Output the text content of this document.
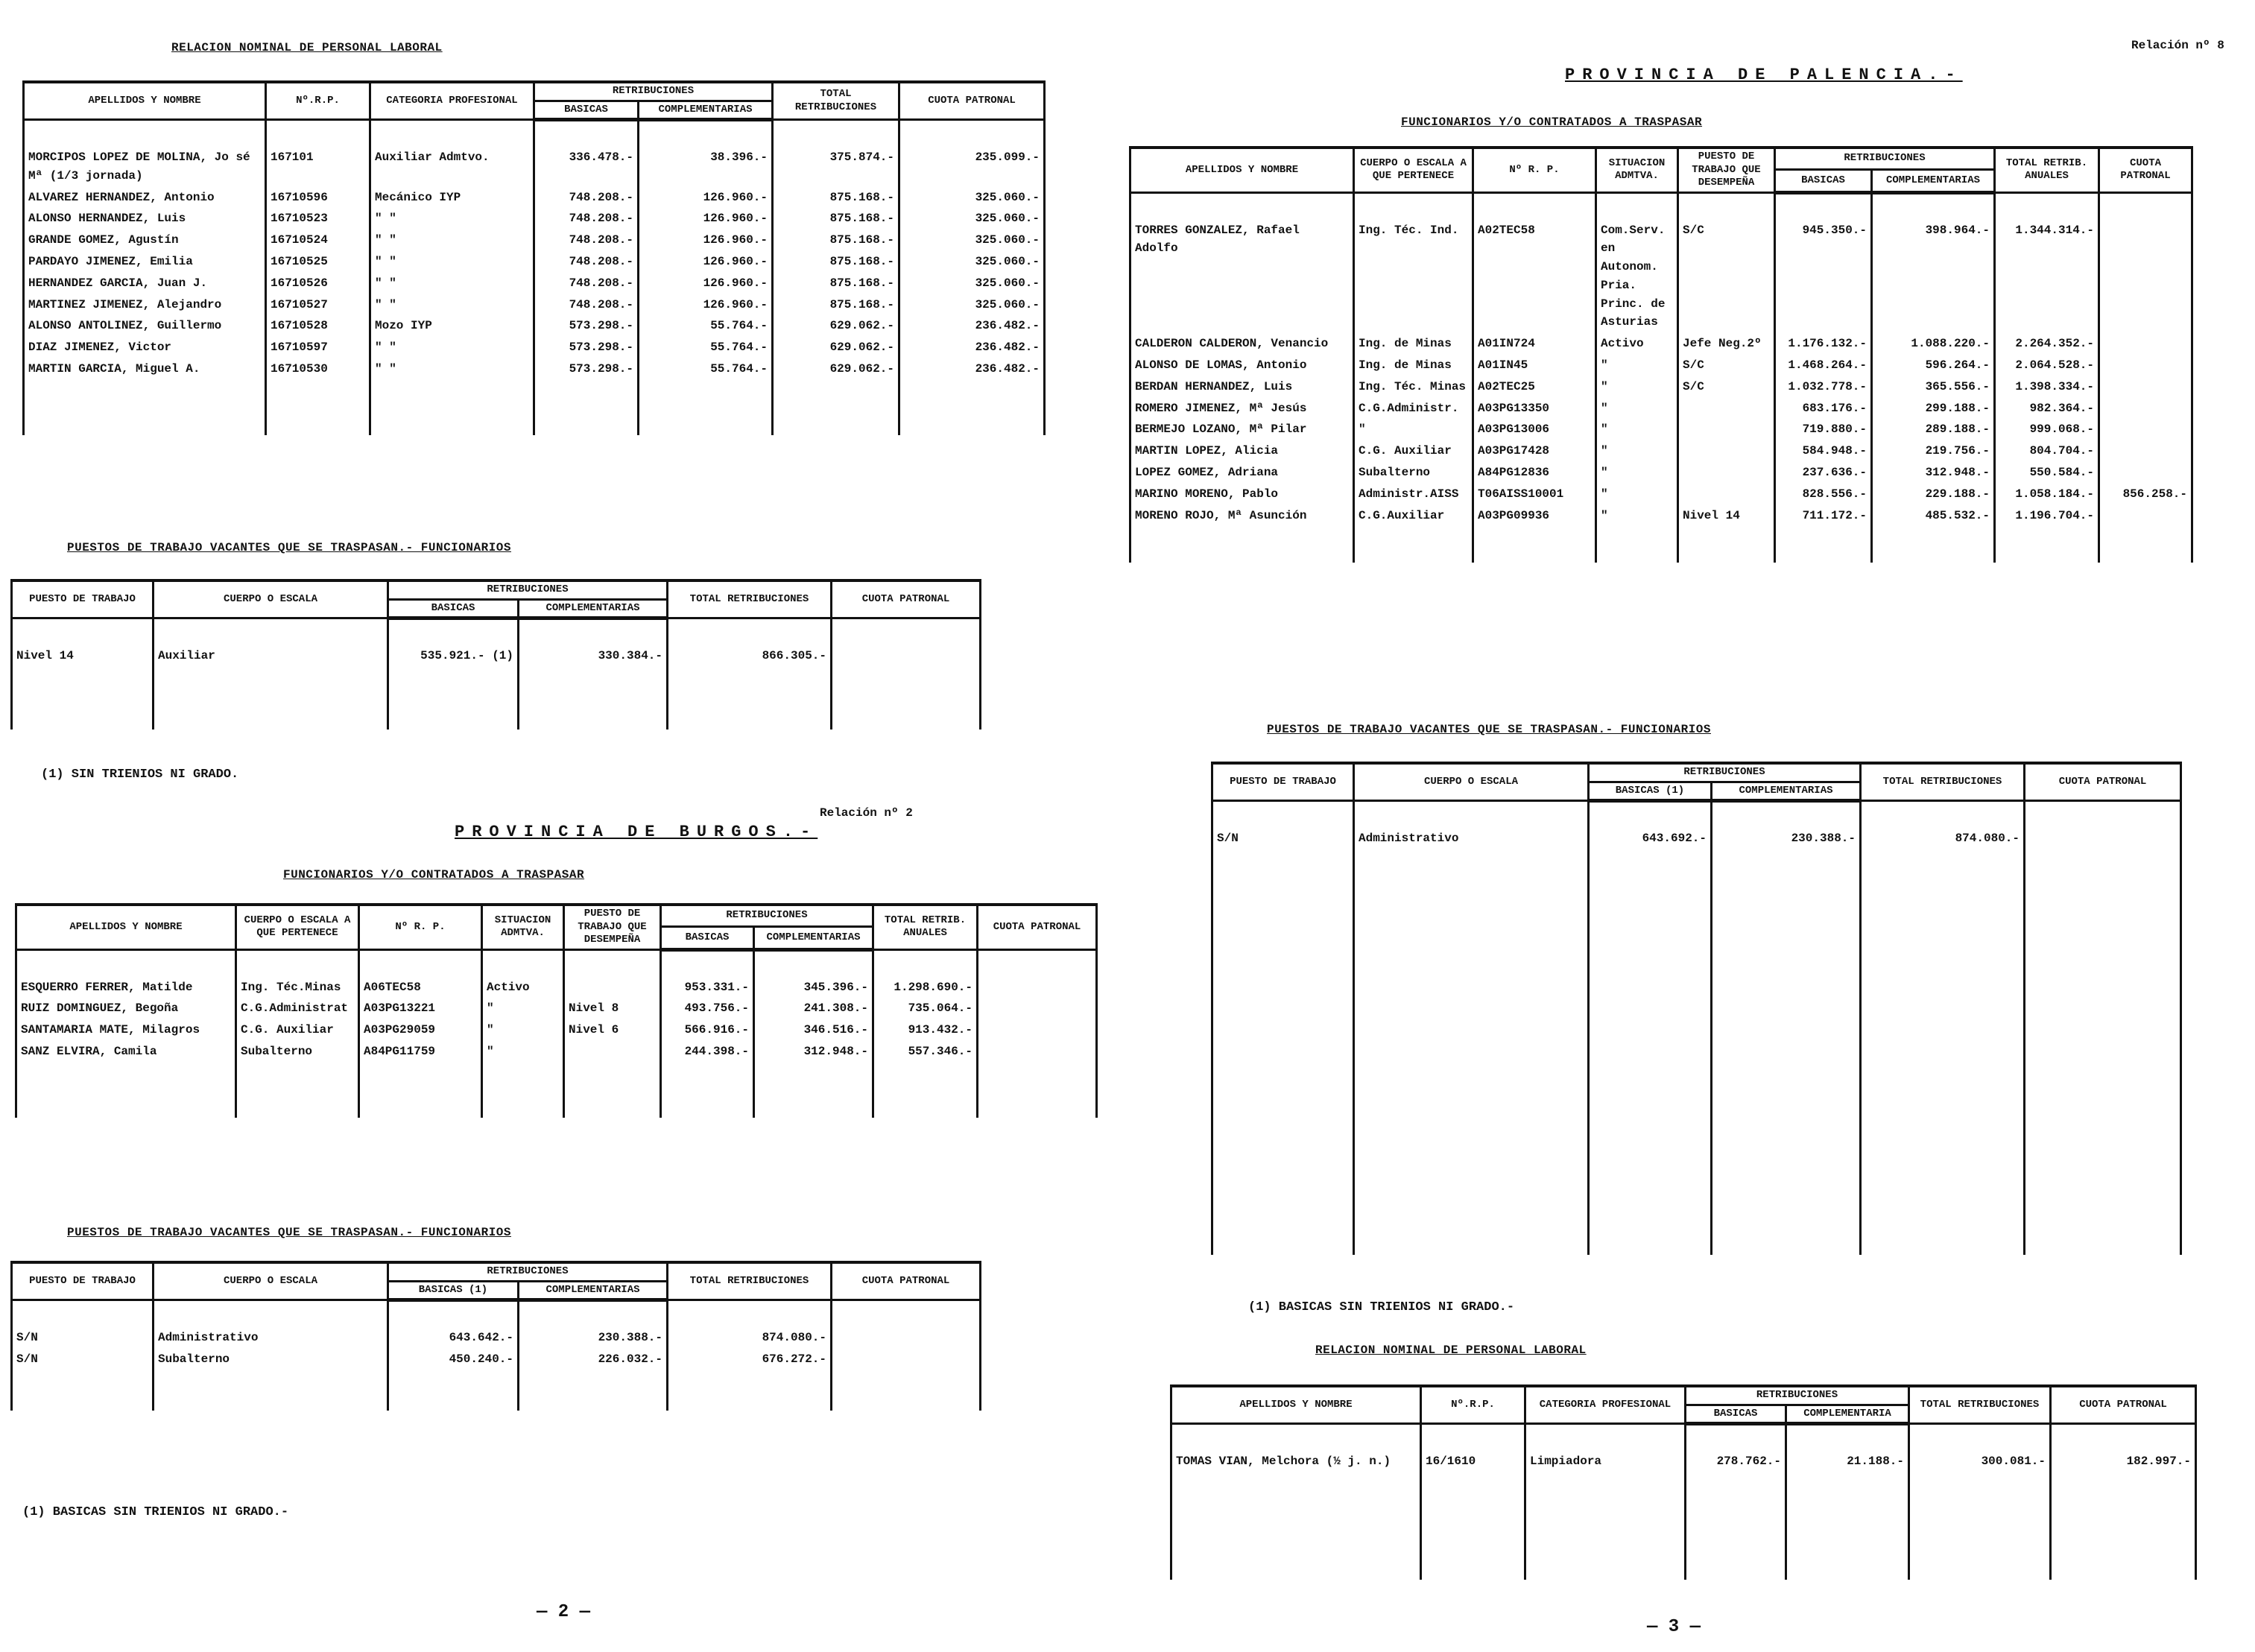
RELACION NOMINAL DE PERSONAL LABORAL
APELLIDOS Y NOMBRE	Nº.R.P.	CATEGORIA PROFESIONAL	RETRIBUCIONES		TOTAL RETRIBUCIONES	CUOTA PATRONAL
			BASICAS	COMPLEMENTARIAS		

MORCIPOS LOPEZ DE MOLINA, Jo sé Mª (1/3 jornada)	167101	Auxiliar Admtvo.	336.478.-	38.396.-	375.874.-	235.099.-
ALVAREZ HERNANDEZ, Antonio	16710596	Mecánico IYP	748.208.-	126.960.-	875.168.-	325.060.-
ALONSO HERNANDEZ, Luis	16710523	" "	748.208.-	126.960.-	875.168.-	325.060.-
GRANDE GOMEZ, Agustín	16710524	" "	748.208.-	126.960.-	875.168.-	325.060.-
PARDAYO JIMENEZ, Emilia	16710525	" "	748.208.-	126.960.-	875.168.-	325.060.-
HERNANDEZ GARCIA, Juan J.	16710526	" "	748.208.-	126.960.-	875.168.-	325.060.-
MARTINEZ JIMENEZ, Alejandro	16710527	" "	748.208.-	126.960.-	875.168.-	325.060.-
ALONSO ANTOLINEZ, Guillermo	16710528	Mozo IYP	573.298.-	55.764.-	629.062.-	236.482.-
DIAZ JIMENEZ, Victor	16710597	" "	573.298.-	55.764.-	629.062.-	236.482.-
MARTIN GARCIA, Miguel A.	16710530	" "	573.298.-	55.764.-	629.062.-	236.482.-

PUESTOS DE TRABAJO VACANTES QUE SE TRASPASAN.- FUNCIONARIOS
PUESTO DE TRABAJO	CUERPO O ESCALA	RETRIBUCIONES		TOTAL RETRIBUCIONES	CUOTA PATRONAL
		BASICAS	COMPLEMENTARIAS		

Nivel 14	Auxiliar	535.921.- (1)	330.384.-	866.305.-	

(1) SIN TRIENIOS NI GRADO.
Relación nº 2
PROVINCIA DE BURGOS.-
FUNCIONARIOS Y/O CONTRATADOS A TRASPASAR
APELLIDOS Y NOMBRE	CUERPO O ESCALA A QUE PERTENECE	Nº R. P.	SITUACION ADMTVA.	PUESTO DE TRABAJO QUE DESEMPEÑA	RETRIBUCIONES		TOTAL RETRIB. ANUALES	CUOTA PATRONAL
					BASICAS	COMPLEMENTARIAS		

ESQUERRO FERRER, Matilde	Ing. Téc.Minas	A06TEC58	Activo		953.331.-	345.396.-	1.298.690.-	
RUIZ DOMINGUEZ, Begoña	C.G.Administrat	A03PG13221	"	Nivel 8	493.756.-	241.308.-	735.064.-	
SANTAMARIA MATE, Milagros	C.G. Auxiliar	A03PG29059	"	Nivel 6	566.916.-	346.516.-	913.432.-	
SANZ ELVIRA, Camila	Subalterno	A84PG11759	"		244.398.-	312.948.-	557.346.-	

PUESTOS DE TRABAJO VACANTES QUE SE TRASPASAN.- FUNCIONARIOS
PUESTO DE TRABAJO	CUERPO O ESCALA	RETRIBUCIONES		TOTAL RETRIBUCIONES	CUOTA PATRONAL
		BASICAS (1)	COMPLEMENTARIAS		

S/N	Administrativo	643.642.-	230.388.-	874.080.-	
S/N	Subalterno	450.240.-	226.032.-	676.272.-	

(1) BASICAS SIN TRIENIOS NI GRADO.-
— 2 —
Relación nº 8
PROVINCIA DE PALENCIA.-
FUNCIONARIOS Y/O CONTRATADOS A TRASPASAR
APELLIDOS Y NOMBRE	CUERPO O ESCALA A QUE PERTENECE	Nº R. P.	SITUACION ADMTVA.	PUESTO DE TRABAJO QUE DESEMPEÑA	RETRIBUCIONES		TOTAL RETRIB. ANUALES	CUOTA PATRONAL
					BASICAS	COMPLEMENTARIAS		

TORRES GONZALEZ, Rafael Adolfo	Ing. Téc. Ind.	A02TEC58	Com.Serv. en Autonom. Pria. Princ. de Asturias	S/C	945.350.-	398.964.-	1.344.314.-	
CALDERON CALDERON, Venancio	Ing. de Minas	A01IN724	Activo	Jefe Neg.2º	1.176.132.-	1.088.220.-	2.264.352.-	
ALONSO DE LOMAS, Antonio	Ing. de Minas	A01IN45	"	S/C	1.468.264.-	596.264.-	2.064.528.-	
BERDAN HERNANDEZ, Luis	Ing. Téc. Minas	A02TEC25	"	S/C	1.032.778.-	365.556.-	1.398.334.-	
ROMERO JIMENEZ, Mª Jesús	C.G.Administr.	A03PG13350	"		683.176.-	299.188.-	982.364.-	
BERMEJO LOZANO, Mª Pilar	"	A03PG13006	"		719.880.-	289.188.-	999.068.-	
MARTIN LOPEZ, Alicia	C.G. Auxiliar	A03PG17428	"		584.948.-	219.756.-	804.704.-	
LOPEZ GOMEZ, Adriana	Subalterno	A84PG12836	"		237.636.-	312.948.-	550.584.-	
MARINO MORENO, Pablo	Administr.AISS	T06AISS10001	"		828.556.-	229.188.-	1.058.184.-	856.258.-
MORENO ROJO, Mª Asunción	C.G.Auxiliar	A03PG09936	"	Nivel 14	711.172.-	485.532.-	1.196.704.-	

PUESTOS DE TRABAJO VACANTES QUE SE TRASPASAN.- FUNCIONARIOS
PUESTO DE TRABAJO	CUERPO O ESCALA	RETRIBUCIONES		TOTAL RETRIBUCIONES	CUOTA PATRONAL
		BASICAS (1)	COMPLEMENTARIAS		

S/N	Administrativo	643.692.-	230.388.-	874.080.-	

(1) BASICAS SIN TRIENIOS NI GRADO.-
RELACION NOMINAL DE PERSONAL LABORAL
APELLIDOS Y NOMBRE	Nº.R.P.	CATEGORIA PROFESIONAL	RETRIBUCIONES		TOTAL RETRIBUCIONES	CUOTA PATRONAL
			BASICAS	COMPLEMENTARIA		

TOMAS VIAN, Melchora (½ j. n.)	16/1610	Limpiadora	278.762.-	21.188.-	300.081.-	182.997.-

— 3 —
